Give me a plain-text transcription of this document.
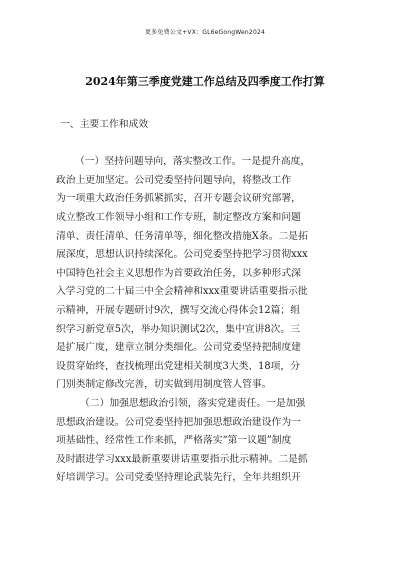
更多免费公文+VX：GL6eGongWen2024
2024年第三季度党建工作总结及四季度工作打算
一、主要工作和成效
（一）坚持问题导向，落实整改工作。一是提升高度，
政治上更加坚定。公司党委坚持问题导向，将整改工作
为一项重大政治任务抓紧抓实，召开专题会议研究部署，
成立整改工作领导小组和工作专班，制定整改方案和问题
清单、责任清单、任务清单等，细化整改措施X条。二是拓
展深度，思想认识持续深化。公司党委坚持把学习贯彻xxx
中国特色社会主义思想作为首要政治任务，以多种形式深
入学习党的二十届三中全会精神和xxx重要讲话重要指示批
示精神，开展专题研讨9次，撰写交流心得体会12篇；组
织学习新党章5次，举办知识测试2次，集中宣讲8次。三
是扩展广度，建章立制分类细化。公司党委坚持把制度建
设贯穿始终，查找梳理出党建相关制度3大类、18项，分
门别类制定修改完善，切实做到用制度管人管事。
（二）加强思想政治引领，落实党建责任。一是加强
思想政治建设。公司党委坚持把加强思想政治建设作为一
项基础性、经常性工作来抓，严格落实“第一议题”制度
及时跟进学习xxx最新重要讲话重要指示批示精神。二是抓
好培训学习。公司党委坚持理论武装先行，全年共组织开
